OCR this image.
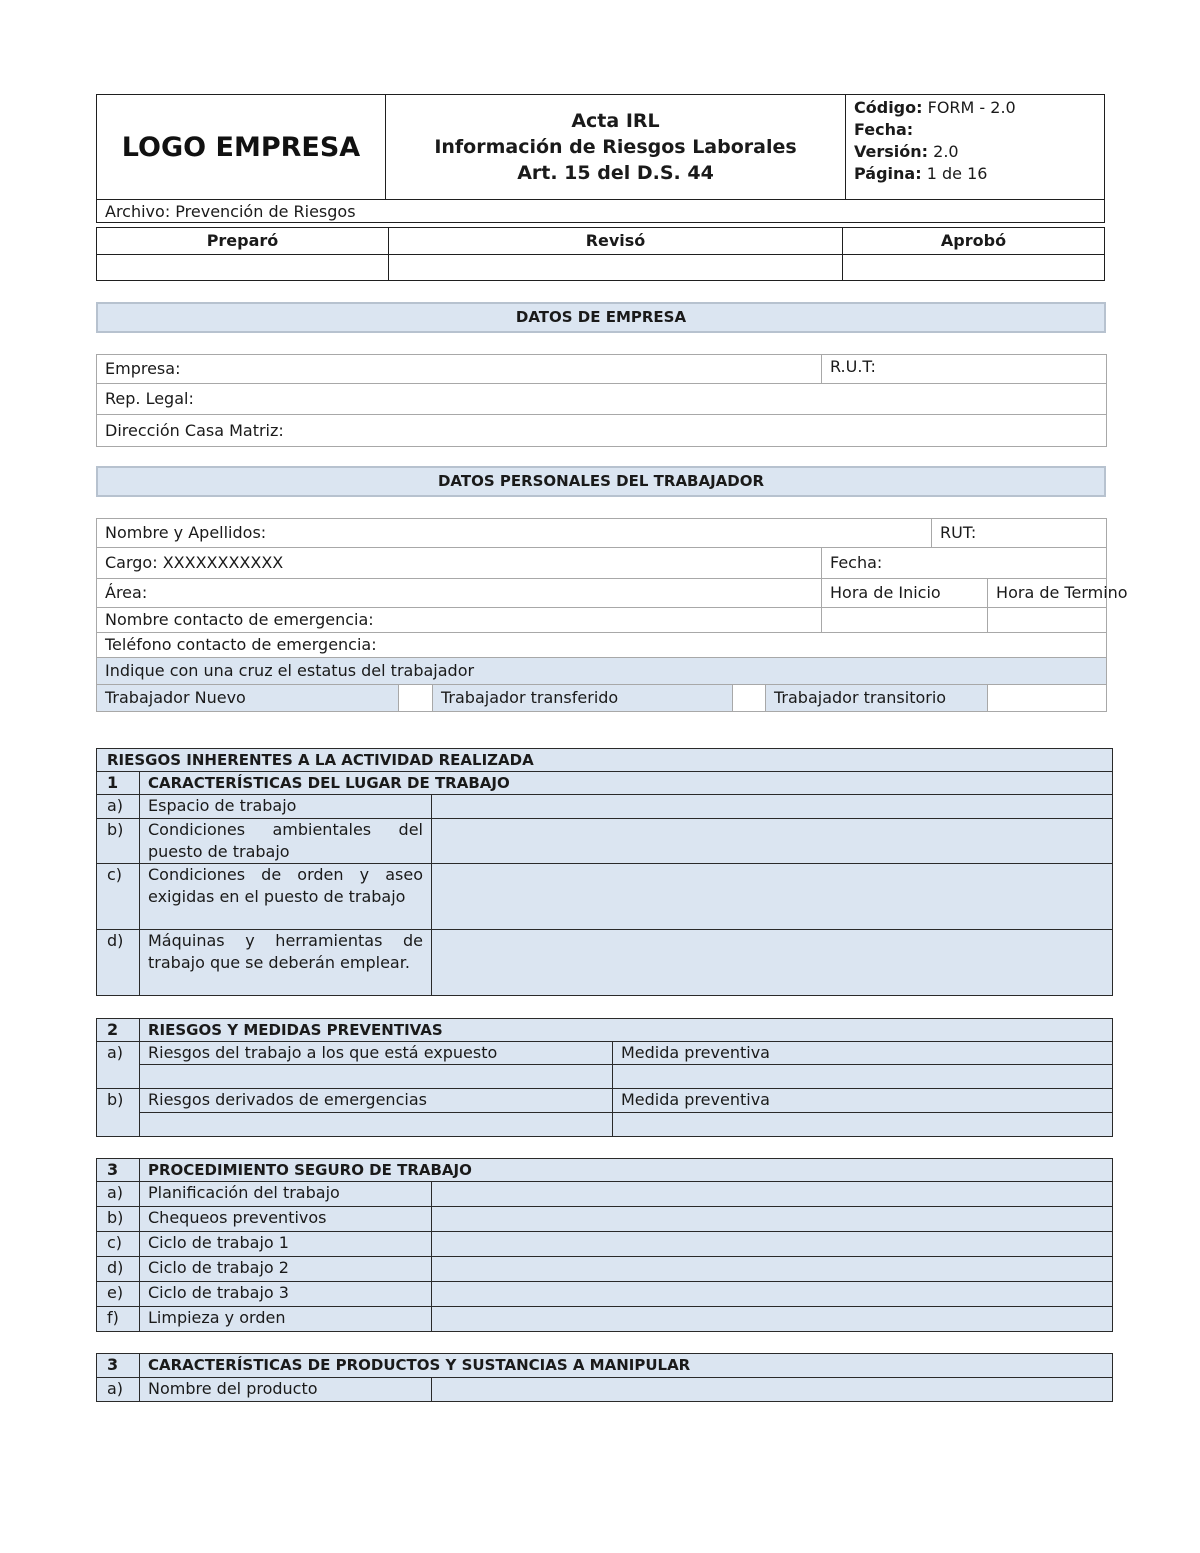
LOGO EMPRESA	
Acta IRL
Información de Riesgos Laborales
Art. 15 del D.S. 44

Código: FORM - 2.0
Fecha:
Versión: 2.0
Página: 1 de 16

Archivo: Prevención de Riesgos
Preparó	Revisó	Aprobó

DATOS DE EMPRESA
Empresa:	R.U.T:
Rep. Legal:
Dirección Casa Matriz:
DATOS PERSONALES DEL TRABAJADOR
Nombre y Apellidos:						RUT:	
Cargo: XXXXXXXXXXX					Fecha:		
Área:					Hora de Inicio		Hora de Termino
Nombre contacto de emergencia:							
Teléfono contacto de emergencia:							
Indique con una cruz el estatus del trabajador							
Trabajador Nuevo		Trabajador transferido		Trabajador transitorio			
RIESGOS INHERENTES A LA ACTIVIDAD REALIZADA		
1	CARACTERÍSTICAS DEL LUGAR DE TRABAJO	
a)	Espacio de trabajo	
b)	Condiciones ambientales del puesto de trabajo	
c)	Condiciones de orden y aseo exigidas en el puesto de trabajo	
d)	Máquinas y herramientas de trabajo que se deberán emplear.	
2	RIESGOS Y MEDIDAS PREVENTIVAS	
a)	Riesgos del trabajo a los que está expuesto	Medida preventiva

b)	Riesgos derivados de emergencias	Medida preventiva

3	PROCEDIMIENTO SEGURO DE TRABAJO	
a)	Planificación del trabajo	
b)	Chequeos preventivos	
c)	Ciclo de trabajo 1	
d)	Ciclo de trabajo 2	
e)	Ciclo de trabajo 3	
f)	Limpieza y orden	
3	CARACTERÍSTICAS DE PRODUCTOS Y SUSTANCIAS A MANIPULAR	
a)	Nombre del producto	
